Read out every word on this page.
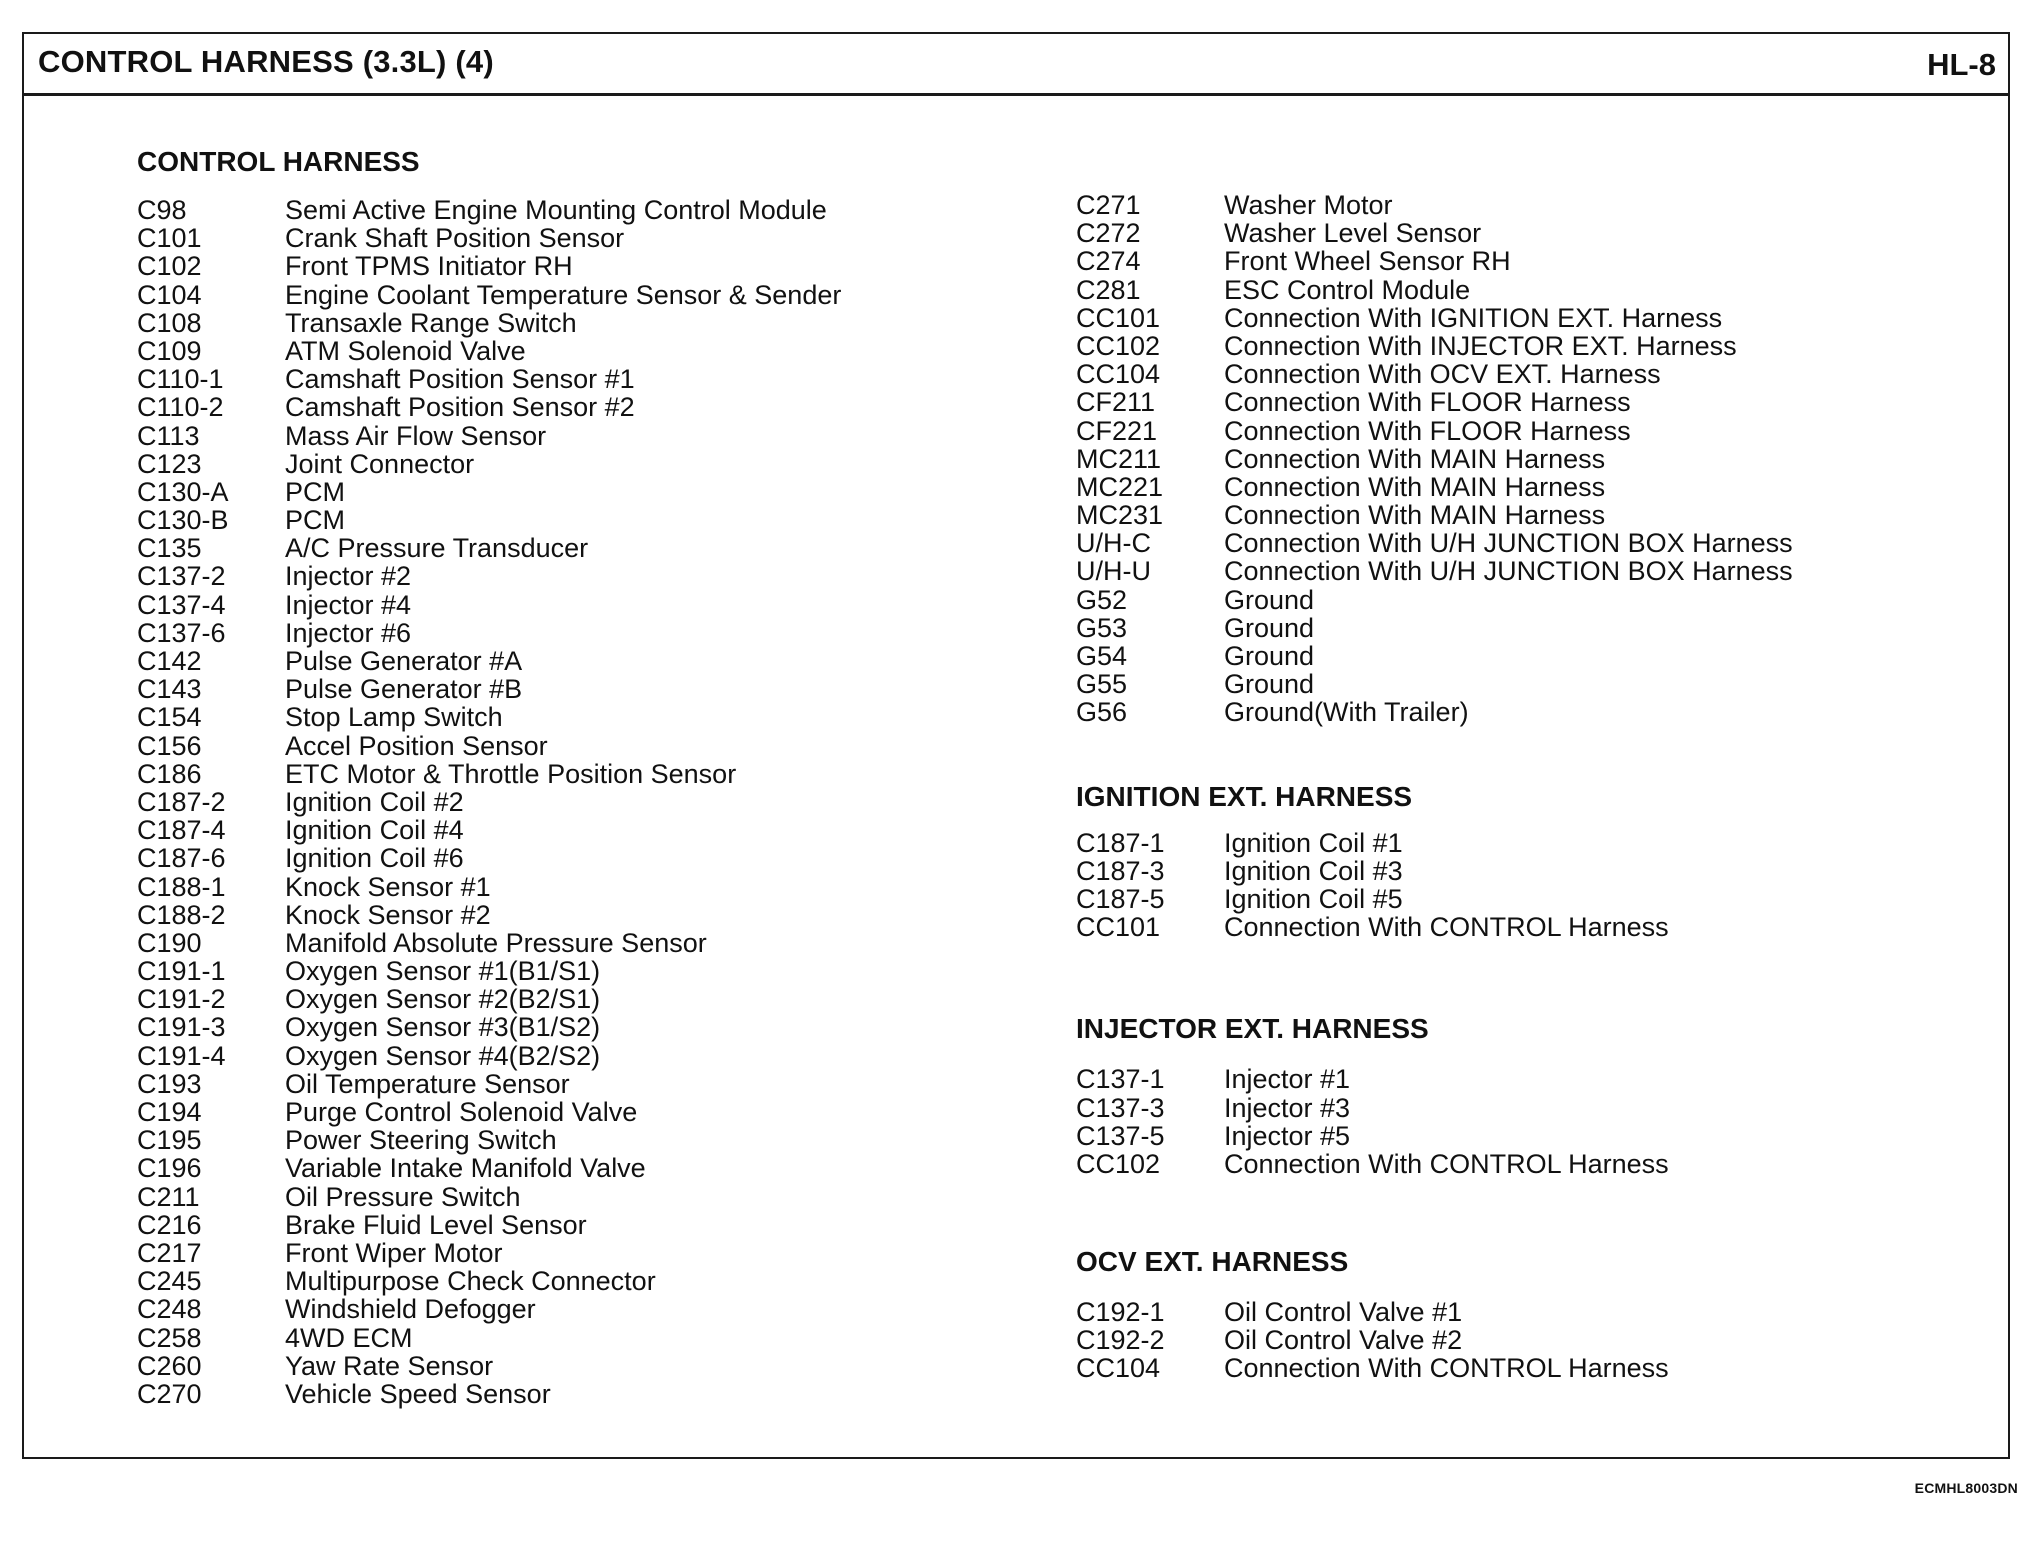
CONTROL HARNESS (3.3L) (4)	HL-8
CONTROL HARNESS
C98	Semi Active Engine Mounting Control Module
C101	Crank Shaft Position Sensor
C102	Front TPMS Initiator RH
C104	Engine Coolant Temperature Sensor & Sender
C108	Transaxle Range Switch
C109	ATM Solenoid Valve
C110-1	Camshaft Position Sensor #1
C110-2	Camshaft Position Sensor #2
C113	Mass Air Flow Sensor
C123	Joint Connector
C130-A	PCM
C130-B	PCM
C135	A/C Pressure Transducer
C137-2	Injector #2
C137-4	Injector #4
C137-6	Injector #6
C142	Pulse Generator #A
C143	Pulse Generator #B
C154	Stop Lamp Switch
C156	Accel Position Sensor
C186	ETC Motor & Throttle Position Sensor
C187-2	Ignition Coil #2
C187-4	Ignition Coil #4
C187-6	Ignition Coil #6
C188-1	Knock Sensor #1
C188-2	Knock Sensor #2
C190	Manifold Absolute Pressure Sensor
C191-1	Oxygen Sensor #1(B1/S1)
C191-2	Oxygen Sensor #2(B2/S1)
C191-3	Oxygen Sensor #3(B1/S2)
C191-4	Oxygen Sensor #4(B2/S2)
C193	Oil Temperature Sensor
C194	Purge Control Solenoid Valve
C195	Power Steering Switch
C196	Variable Intake Manifold Valve
C211	Oil Pressure Switch
C216	Brake Fluid Level Sensor
C217	Front Wiper Motor
C245	Multipurpose Check Connector
C248	Windshield Defogger
C258	4WD ECM
C260	Yaw Rate Sensor
C270	Vehicle Speed Sensor
C271	Washer Motor
C272	Washer Level Sensor
C274	Front Wheel Sensor RH
C281	ESC Control Module
CC101	Connection With IGNITION EXT. Harness
CC102	Connection With INJECTOR EXT. Harness
CC104	Connection With OCV EXT. Harness
CF211	Connection With FLOOR Harness
CF221	Connection With FLOOR Harness
MC211	Connection With MAIN Harness
MC221	Connection With MAIN Harness
MC231	Connection With MAIN Harness
U/H-C	Connection With U/H JUNCTION BOX Harness
U/H-U	Connection With U/H JUNCTION BOX Harness
G52	Ground
G53	Ground
G54	Ground
G55	Ground
G56	Ground(With Trailer)
IGNITION EXT. HARNESS
C187-1	Ignition Coil #1
C187-3	Ignition Coil #3
C187-5	Ignition Coil #5
CC101	Connection With CONTROL Harness
INJECTOR EXT. HARNESS
C137-1	Injector #1
C137-3	Injector #3
C137-5	Injector #5
CC102	Connection With CONTROL Harness
OCV EXT. HARNESS
C192-1	Oil Control Valve #1
C192-2	Oil Control Valve #2
CC104	Connection With CONTROL Harness
ECMHL8003DN
